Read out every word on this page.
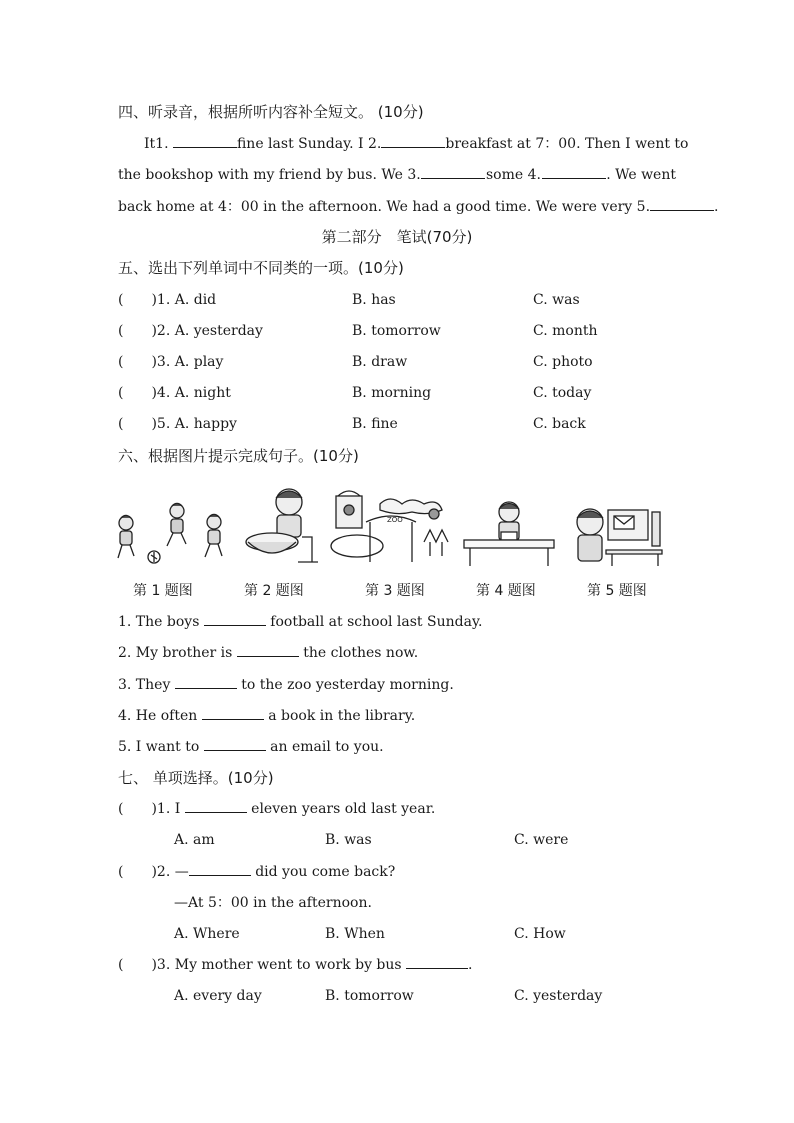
四、听录音，根据所听内容补全短文。 (10分)
It1.	fine last Sunday. I 2.	breakfast at 7：00. Then I went to
the bookshop with my friend by bus. We 3.	some 4.	. We went
back home at 4：00 in the afternoon. We had a good time. We were very 5.	.
第二部分　笔试(70分)
五、选出下列单词中不同类的一项。(10分)
(　　)1. A. did	B. has	C. was
(　　)2. A. yesterday	B. tomorrow	C. month
(　　)3. A. play	B. draw	C. photo
(　　)4. A. night	B. morning	C. today
(　　)5. A. happy	B. fine	C. back
六、根据图片提示完成句子。(10分)
ZOO
第 1 题图	第 2 题图	第 3 题图	第 4 题图	第 5 题图
1. The boys	football at school last Sunday.
2. My brother is	the clothes now.
3. They	to the zoo yesterday morning.
4. He often	a book in the library.
5. I want to	an email to you.
七、 单项选择。(10分)
(　　)1. I	eleven years old last year.
A. am	B. was	C. were
(　　)2. —	did you come back?
—At 5：00 in the afternoon.
A. Where	B. When	C. How
(　　)3. My mother went to work by bus	.
A. every day	B. tomorrow	C. yesterday
